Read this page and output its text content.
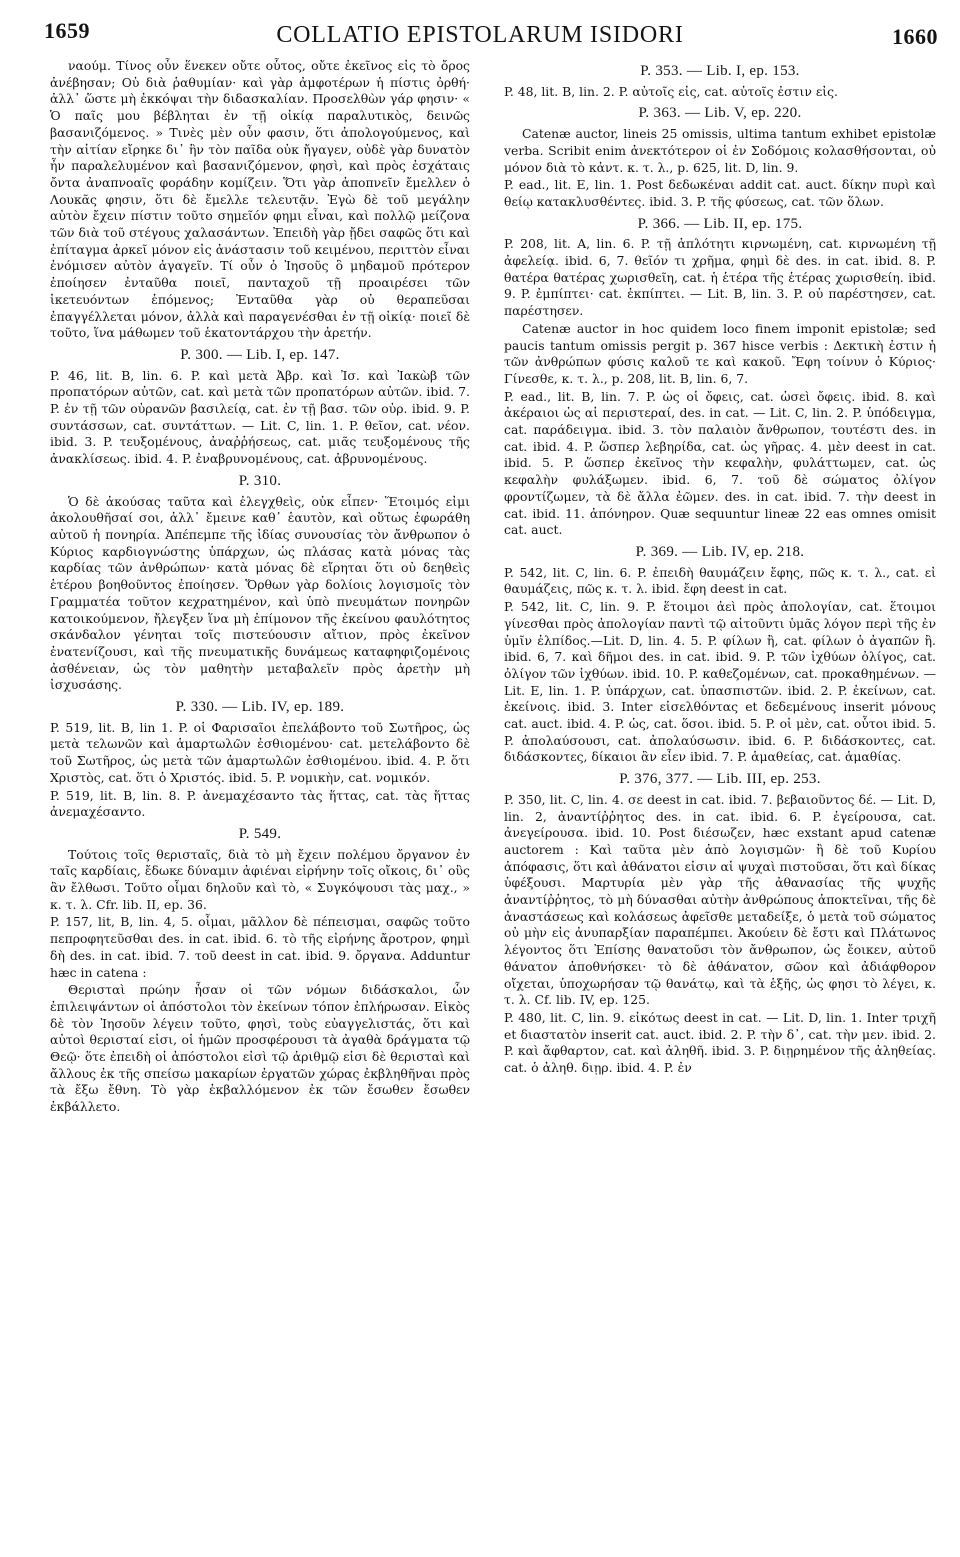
1659	COLLATIO EPISTOLARUM ISIDORI	1660

ναούμ. Τίνος οὖν ἕνεκεν οὔτε οὗτος, οὔτε ἐκεῖνος εἰς τὸ ὄρος ἀνέβησαν; Οὐ διὰ ῥαθυμίαν· καὶ γὰρ ἀμφοτέρων ἡ πίστις ὀρθή· ἀλλ᾽ ὥστε μὴ ἐκκόψαι τὴν διδασκαλίαν. Προσελθὼν γάρ φησιν· « Ὁ παῖς μου βέβληται ἐν τῇ οἰκίᾳ παραλυτικὸς, δεινῶς βασανιζόμενος. » Τινὲς μὲν οὖν φασιν, ὅτι ἀπολογούμενος, καὶ τὴν αἰτίαν εἴρηκε δι᾽ ἣν τὸν παῖδα οὐκ ἤγαγεν, οὐδὲ γὰρ δυνατὸν ἦν παραλελυμένον καὶ βασανιζόμενον, φησὶ, καὶ πρὸς ἐσχάταις ὄντα ἀναπνοαῖς φοράδην κομίζειν. Ὅτι γὰρ ἀποπνεῖν ἔμελλεν ὁ Λουκᾶς φησιν, ὅτι δὲ ἔμελλε τελευτᾷν. Ἐγὼ δὲ τοῦ μεγάλην αὐτὸν ἔχειν πίστιν τοῦτο σημεῖόν φημι εἶναι, καὶ πολλῷ μείζονα τῶν διὰ τοῦ στέγους χαλασάντων. Ἐπειδὴ γὰρ ᾔδει σαφῶς ὅτι καὶ ἐπίταγμα ἀρκεῖ μόνον εἰς ἀνάστασιν τοῦ κειμένου, περιττὸν εἶναι ἐνόμισεν αὐτὸν ἀγαγεῖν. Τί οὖν ὁ Ἰησοῦς ὃ μηδαμοῦ πρότερον ἐποίησεν ἐνταῦθα ποιεῖ, πανταχοῦ τῇ προαιρέσει τῶν ἱκετευόντων ἑπόμενος; Ἐνταῦθα γὰρ οὐ θεραπεῦσαι ἐπαγγέλλεται μόνον, ἀλλὰ καὶ παραγενέσθαι ἐν τῇ οἰκίᾳ· ποιεῖ δὲ τοῦτο, ἵνα μάθωμεν τοῦ ἑκατοντάρχου τὴν ἀρετήν.

P. 300. — Lib. I, ep. 147.

P. 46, lit. B, lin. 6. P. καὶ μετὰ Ἀβρ. καὶ Ἰσ. καὶ Ἰακὼβ τῶν προπατόρων αὐτῶν, cat. καὶ μετὰ τῶν προπατόρων αὐτῶν. ibid. 7. P. ἐν τῇ τῶν οὐρανῶν βασιλείᾳ, cat. ἐν τῇ βασ. τῶν οὐρ. ibid. 9. P. συντάσσων, cat. συντάττων. — Lit. C, lin. 1. P. θεῖον, cat. νέον. ibid. 3. P. τευξομένους, ἀναῤῥήσεως, cat. μιᾶς τευξομένους τῆς ἀνακλίσεως. ibid. 4. P. ἐναβρυνομένους, cat. ἀβρυνομένους.

P. 310.

Ὁ δὲ ἀκούσας ταῦτα καὶ ἐλεγχθεὶς, οὐκ εἶπεν· Ἕτοιμός εἰμι ἀκολουθῆσαί σοι, ἀλλ᾽ ἔμεινε καθ᾽ ἑαυτὸν, καὶ οὕτως ἐφωράθη αὐτοῦ ἡ πονηρία. Ἀπέπεμπε τῆς ἰδίας συνουσίας τὸν ἄνθρωπον ὁ Κύριος καρδιογνώστης ὑπάρχων, ὡς πλάσας κατὰ μόνας τὰς καρδίας τῶν ἀνθρώπων· κατὰ μόνας δὲ εἴρηται ὅτι οὐ δεηθεὶς ἑτέρου βοηθοῦντος ἐποίησεν. Ὅρθων γὰρ δολίοις λογισμοῖς τὸν Γραμματέα τοῦτον κεχρατημένον, καὶ ὑπὸ πνευμάτων πονηρῶν κατοικούμενον, ἤλεγξεν ἵνα μὴ ἐπίμονον τῆς ἐκείνου φαυλότητος σκάνδαλον γένηται τοῖς πιστεύουσιν αἴτιον, πρὸς ἐκεῖνον ἐνατενίζουσι, καὶ τῆς πνευματικῆς δυνάμεως καταφηφιζομένοις ἀσθένειαν, ὡς τὸν μαθητὴν μεταβαλεῖν πρὸς ἀρετὴν μὴ ἰσχυσάσης.

P. 330. — Lib. IV, ep. 189.

P. 519, lit. B, lin 1. P. οἱ Φαρισαῖοι ἐπελάβοντο τοῦ Σωτῆρος, ὡς μετὰ τελωνῶν καὶ ἁμαρτωλῶν ἐσθιομένου· cat. μετελάβοντο δὲ τοῦ Σωτῆρος, ὡς μετὰ τῶν ἁμαρτωλῶν ἐσθιομένου. ibid. 4. P. ὅτι Χριστὸς, cat. ὅτι ὁ Χριστός. ibid. 5. P. νομικὴν, cat. νομικόν.

P. 519, lit. B, lin. 8. P. ἀνεμαχέσαντο τὰς ἥττας, cat. τὰς ἥττας ἀνεμαχέσαντο.

P. 549.

Τούτοις τοῖς θερισταῖς, διὰ τὸ μὴ ἔχειν πολέμου ὄργανον ἐν ταῖς καρδίαις, ἔδωκε δύναμιν ἀφιέναι εἰρήνην τοῖς οἴκοις, δι᾽ οὓς ἂν ἔλθωσι. Τοῦτο οἶμαι δηλοῦν καὶ τὸ, « Συγκόψουσι τὰς μαχ., » κ. τ. λ. Cfr. lib. II, ep. 36.

P. 157, lit, B, lin. 4, 5. οἶμαι, μᾶλλον δὲ πέπεισμαι, σαφῶς τοῦτο πεπροφητεῦσθαι des. in cat. ibid. 6. τὸ τῆς εἰρήνης ἄροτρον, φημὶ δὴ des. in cat. ibid. 7. τοῦ deest in cat. ibid. 9. ὄργανα. Adduntur hæc in catena :

Θερισταὶ πρώην ἦσαν οἱ τῶν νόμων διδάσκαλοι, ὧν ἐπιλειψάντων οἱ ἀπόστολοι τὸν ἐκείνων τόπον ἐπλήρωσαν. Εἰκὸς δὲ τὸν Ἰησοῦν λέγειν τοῦτο, φησὶ, τοὺς εὐαγγελιστάς, ὅτι καὶ αὐτοὶ θερισταί εἰσι, οἱ ἡμῶν προσφέρουσι τὰ ἀγαθὰ δράγματα τῷ Θεῷ· ὅτε ἐπειδὴ οἱ ἀπόστολοι εἰσὶ τῷ ἀριθμῷ εἰσι δὲ θερισταὶ καὶ ἄλλους ἐκ τῆς σπείσω μακαρίων ἐργατῶν χώρας ἐκβληθῆναι πρὸς τὰ ἔξω ἔθνη. Τὸ γὰρ ἐκβαλλόμενον ἐκ τῶν ἔσωθεν ἔσωθεν ἐκβάλλετο.

P. 353. — Lib. I, ep. 153.

P. 48, lit. B, lin. 2. P. αὐτοῖς εἰς, cat. αὐτοῖς ἐστιν εἰς.

P. 363. — Lib. V, ep. 220.

Catenæ auctor, lineis 25 omissis, ultima tantum exhibet epistolæ verba. Scribit enim ἀνεκτότερον οἱ ἐν Σοδόμοις κολασθήσονται, οὐ μόνον διὰ τὸ κἀντ. κ. τ. λ., p. 625, lit. D, lin. 9.

P. ead., lit. E, lin. 1. Post δεδωκέναι addit cat. auct. δίκην πυρὶ καὶ θείῳ κατακλυσθέντες. ibid. 3. P. τῆς φύσεως, cat. τῶν ὅλων.

P. 366. — Lib. II, ep. 175.

P. 208, lit. A, lin. 6. P. τῇ ἁπλότητι κιρνωμένη, cat. κιρνωμένη τῇ ἀφελείᾳ. ibid. 6, 7. θεῖόν τι χρῆμα, φημὶ δὲ des. in cat. ibid. 8. P. θατέρα θατέρας χωρισθεῖη, cat. ἡ ἑτέρα τῆς ἑτέρας χωρισθείη. ibid. 9. P. ἐμπίπτει· cat. ἐκπίπτει. — Lit. B, lin. 3. P. οὐ παρέστησεν, cat. παρέστησεν.

Catenæ auctor in hoc quidem loco finem imponit epistolæ; sed paucis tantum omissis pergit p. 367 hisce verbis : Δεκτικὴ ἐστιν ἡ τῶν ἀνθρώπων φύσις καλοῦ τε καὶ κακοῦ. Ἔφη τοίνυν ὁ Κύριος· Γίνεσθε, κ. τ. λ., p. 208, lit. B, lin. 6, 7.

P. ead., lit. B, lin. 7. P. ὡς οἱ ὄφεις, cat. ὡσεὶ ὄφεις. ibid. 8. καὶ ἀκέραιοι ὡς αἱ περιστεραί, des. in cat. — Lit. C, lin. 2. P. ὑπόδειγμα, cat. παράδειγμα. ibid. 3. τὸν παλαιὸν ἄνθρωπον, τουτέστι des. in cat. ibid. 4. P. ὥσπερ λεβηρίδα, cat. ὡς γῆρας. 4. μὲν deest in cat. ibid. 5. P. ὥσπερ ἐκεῖνος τὴν κεφαλὴν, φυλάττωμεν, cat. ὡς κεφαλὴν φυλάξωμεν. ibid. 6, 7. τοῦ δὲ σώματος ὀλίγον φροντίζωμεν, τὰ δὲ ἄλλα ἐῶμεν. des. in cat. ibid. 7. τὴν deest in cat. ibid. 11. ἀπόνηρον. Quæ sequuntur lineæ 22 eas omnes omisit cat. auct.

P. 369. — Lib. IV, ep. 218.

P. 542, lit. C, lin. 6. P. ἐπειδὴ θαυμάζειν ἔφης, πῶς κ. τ. λ., cat. εἰ θαυμάζεις, πῶς κ. τ. λ. ibid. ἔφη deest in cat.

P. 542, lit. C, lin. 9. P. ἕτοιμοι ἀεὶ πρὸς ἀπολογίαν, cat. ἕτοιμοι γίνεσθαι πρὸς ἀπολογίαν παντὶ τῷ αἰτοῦντι ὑμᾶς λόγον περὶ τῆς ἐν ὑμῖν ἐλπίδος.—Lit. D, lin. 4. 5. P. φίλων ἢ, cat. φίλων ὁ ἀγαπῶν ἢ. ibid. 6, 7. καὶ δῆμοι des. in cat. ibid. 9. P. τῶν ἰχθύων ὀλίγος, cat. ὀλίγον τῶν ἰχθύων. ibid. 10. P. καθεζομένων, cat. προκαθημένων. — Lit. E, lin. 1. P. ὑπάρχων, cat. ὑπασπιστῶν. ibid. 2. P. ἐκείνων, cat. ἐκείνοις. ibid. 3. Inter εἰσελθόντας et δεδεμένους inserit μόνους cat. auct. ibid. 4. P. ὡς, cat. ὅσοι. ibid. 5. P. οἱ μὲν, cat. οὗτοι ibid. 5. P. ἀπολαύσουσι, cat. ἀπολαύσωσιν. ibid. 6. P. διδάσκοντες, cat. διδάσκοντες, δίκαιοι ἂν εἶεν ibid. 7. P. ἁμαθείας, cat. ἁμαθίας.

P. 376, 377. — Lib. III, ep. 253.

P. 350, lit. C, lin. 4. σε deest in cat. ibid. 7. βεβαιοῦντος δέ. — Lit. D, lin. 2, ἀναντίῤῥητος des. in cat. ibid. 6. P. ἐγείρουσα, cat. ἀνεγείρουσα. ibid. 10. Post διέσωζεν, hæc exstant apud catenæ auctorem : Καὶ ταῦτα μὲν ἀπὸ λογισμῶν· ἢ δὲ τοῦ Κυρίου ἀπόφασις, ὅτι καὶ ἀθάνατοι εἰσιν αἱ ψυχαὶ πιστοῦσαι, ὅτι καὶ δίκας ὑφέξουσι. Μαρτυρία μὲν γὰρ τῆς ἀθανασίας τῆς ψυχῆς ἀναντίῤῥητος, τὸ μὴ δύνασθαι αὐτὴν ἀνθρώπους ἀποκτεῖναι, τῆς δὲ ἀναστάσεως καὶ κολάσεως ἀφεῖσθε μεταδείξε, ὁ μετὰ τοῦ σώματος οὐ μὴν εἰς ἀνυπαρξίαν παραπέμπει. Ἀκούειν δὲ ἔστι καὶ Πλάτωνος λέγοντος ὅτι Ἐπίσης θανατοῦσι τὸν ἄνθρωπον, ὡς ἔοικεν, αὐτοῦ θάνατον ἀποθνήσκει· τὸ δὲ ἀθάνατον, σῶον καὶ ἀδιάφθορον οἴχεται, ὑποχωρήσαν τῷ θανάτῳ, καὶ τὰ ἑξῆς, ὡς φησι τὸ λέγει, κ. τ. λ. Cf. lib. IV, ep. 125.

P. 480, lit. C, lin. 9. εἰκότως deest in cat. — Lit. D, lin. 1. Inter τριχῆ et διαστατὸν inserit cat. auct. ibid. 2. P. τὴν δ᾽, cat. τὴν μεν. ibid. 2. P. καὶ ἄφθαρτον, cat. καὶ ἀληθῆ. ibid. 3. P. διῃρημένον τῆς ἀληθείας. cat. ὁ ἀληθ. διῃρ. ibid. 4. P. ἐν
